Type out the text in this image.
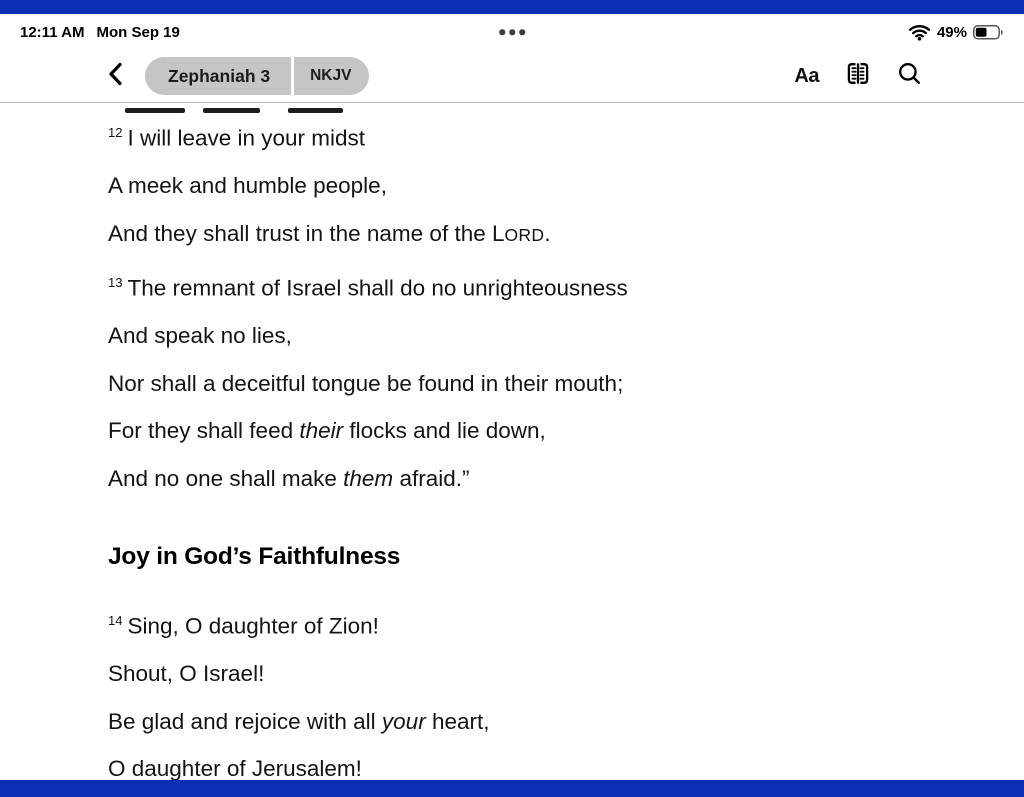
12:11 AM Mon Sep 19	49%
Zephaniah 3	NKJV	Aa
$^{12}$ I will leave in your midst
A meek and humble people,
And they shall trust in the name of the LORD.
$^{13}$ The remnant of Israel shall do no unrighteousness
And speak no lies,
Nor shall a deceitful tongue be found in their mouth;
For they shall feed their flocks and lie down,
And no one shall make them afraid.”
Joy in God’s Faithfulness
$^{14}$ Sing, O daughter of Zion!
Shout, O Israel!
Be glad and rejoice with all your heart,
O daughter of Jerusalem!
